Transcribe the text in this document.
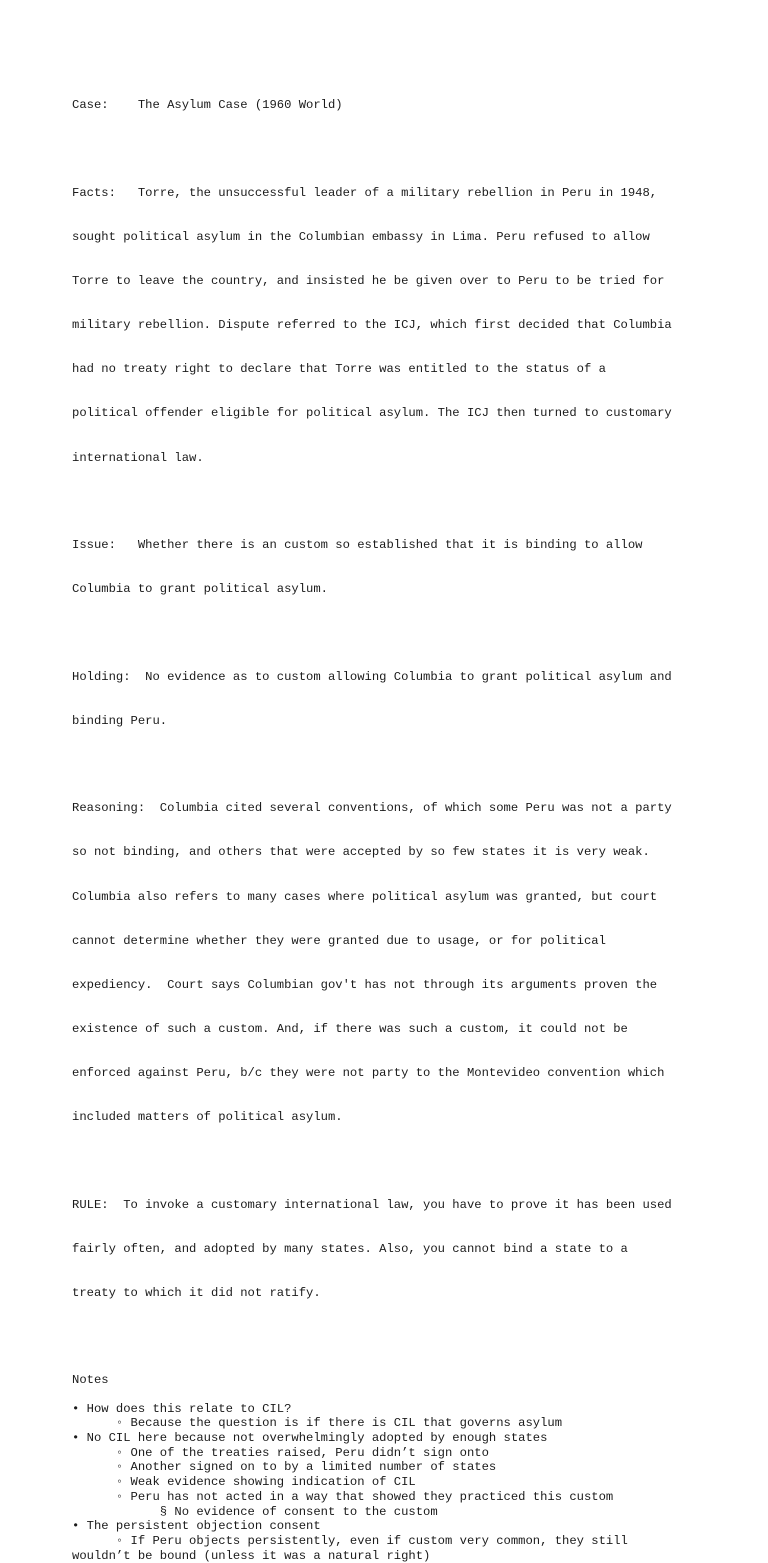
Case:    The Asylum Case (1960 World)

Facts:   Torre, the unsuccessful leader of a military rebellion in Peru in 1948,

sought political asylum in the Columbian embassy in Lima. Peru refused to allow

Torre to leave the country, and insisted he be given over to Peru to be tried for

military rebellion. Dispute referred to the ICJ, which first decided that Columbia

had no treaty right to declare that Torre was entitled to the status of a

political offender eligible for political asylum. The ICJ then turned to customary

international law.

Issue:   Whether there is an custom so established that it is binding to allow

Columbia to grant political asylum.

Holding:  No evidence as to custom allowing Columbia to grant political asylum and

binding Peru.

Reasoning:  Columbia cited several conventions, of which some Peru was not a party

so not binding, and others that were accepted by so few states it is very weak.

Columbia also refers to many cases where political asylum was granted, but court

cannot determine whether they were granted due to usage, or for political

expediency.  Court says Columbian gov't has not through its arguments proven the

existence of such a custom. And, if there was such a custom, it could not be

enforced against Peru, b/c they were not party to the Montevideo convention which

included matters of political asylum.

RULE:  To invoke a customary international law, you have to prove it has been used

fairly often, and adopted by many states. Also, you cannot bind a state to a

treaty to which it did not ratify.

Notes
• How does this relate to CIL?
◦ Because the question is if there is CIL that governs asylum
• No CIL here because not overwhelmingly adopted by enough states
◦ One of the treaties raised, Peru didn’t sign onto
◦ Another signed on to by a limited number of states
◦ Weak evidence showing indication of CIL
◦ Peru has not acted in a way that showed they practiced this custom
§ No evidence of consent to the custom
• The persistent objection consent
◦ If Peru objects persistently, even if custom very common, they still
wouldn’t be bound (unless it was a natural right)
